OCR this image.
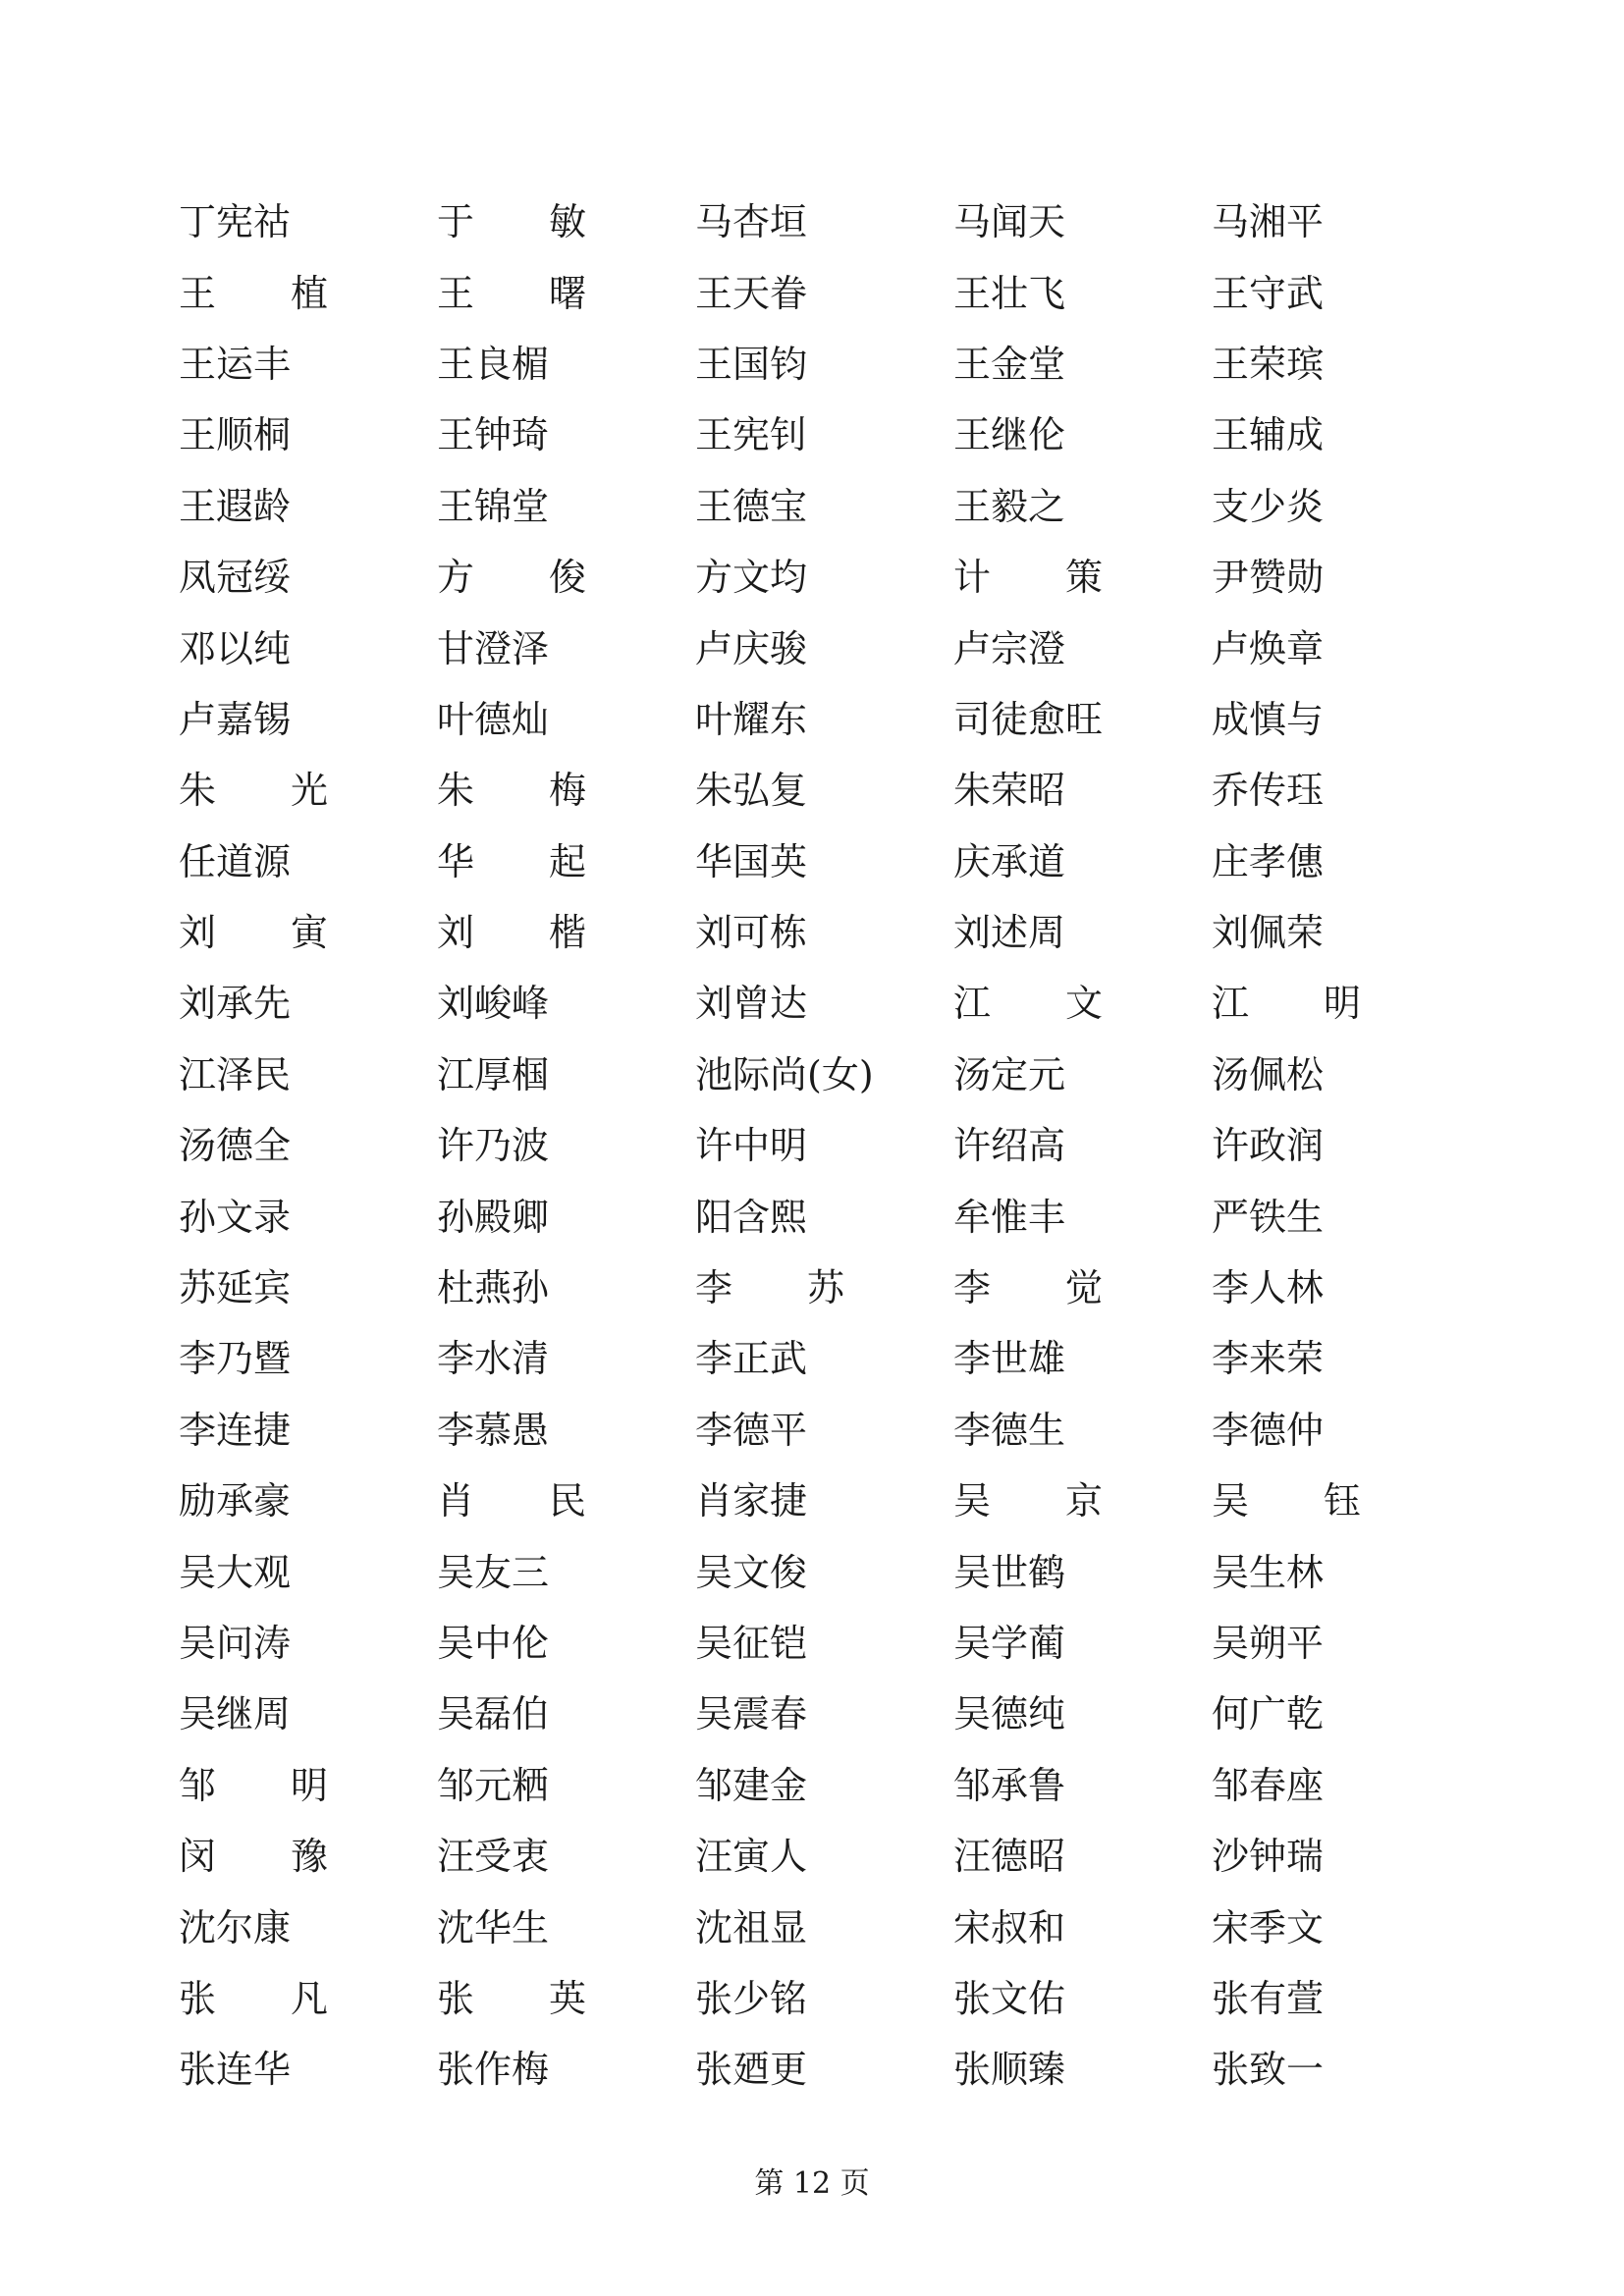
丁宪祜	于　　敏	马杏垣	马闻天	马湘平
王　　植	王　　曙	王天眷	王壮飞	王守武
王运丰	王良楣	王国钧	王金堂	王荣瑸
王顺桐	王钟琦	王宪钊	王继伦	王辅成
王遐龄	王锦堂	王德宝	王毅之	支少炎
凤冠绥	方　　俊	方文均	计　　策	尹赞勋
邓以纯	甘澄泽	卢庆骏	卢宗澄	卢焕章
卢嘉锡	叶德灿	叶耀东	司徒愈旺	成慎与
朱　　光	朱　　梅	朱弘复	朱荣昭	乔传珏
任道源	华　　起	华国英	庆承道	庄孝僡
刘　　寅	刘　　楷	刘可栋	刘述周	刘佩荣
刘承先	刘峻峰	刘曾达	江　　文	江　　明
江泽民	江厚椢	池际尚(女)	汤定元	汤佩松
汤德全	许乃波	许中明	许绍高	许政润
孙文录	孙殿卿	阳含熙	牟惟丰	严铁生
苏延宾	杜燕孙	李　　苏	李　　觉	李人林
李乃暨	李水清	李正武	李世雄	李来荣
李连捷	李慕愚	李德平	李德生	李德仲
励承豪	肖　　民	肖家捷	吴　　京	吴　　钰
吴大观	吴友三	吴文俊	吴世鹤	吴生林
吴问涛	吴中伦	吴征铠	吴学蔺	吴朔平
吴继周	吴磊伯	吴震春	吴德纯	何广乾
邹　　明	邹元粞	邹建金	邹承鲁	邹春座
闵　　豫	汪受衷	汪寅人	汪德昭	沙钟瑞
沈尔康	沈华生	沈祖显	宋叔和	宋季文
张　　凡	张　　英	张少铭	张文佑	张有萱
张连华	张作梅	张廼更	张顺臻	张致一
第 12 页
